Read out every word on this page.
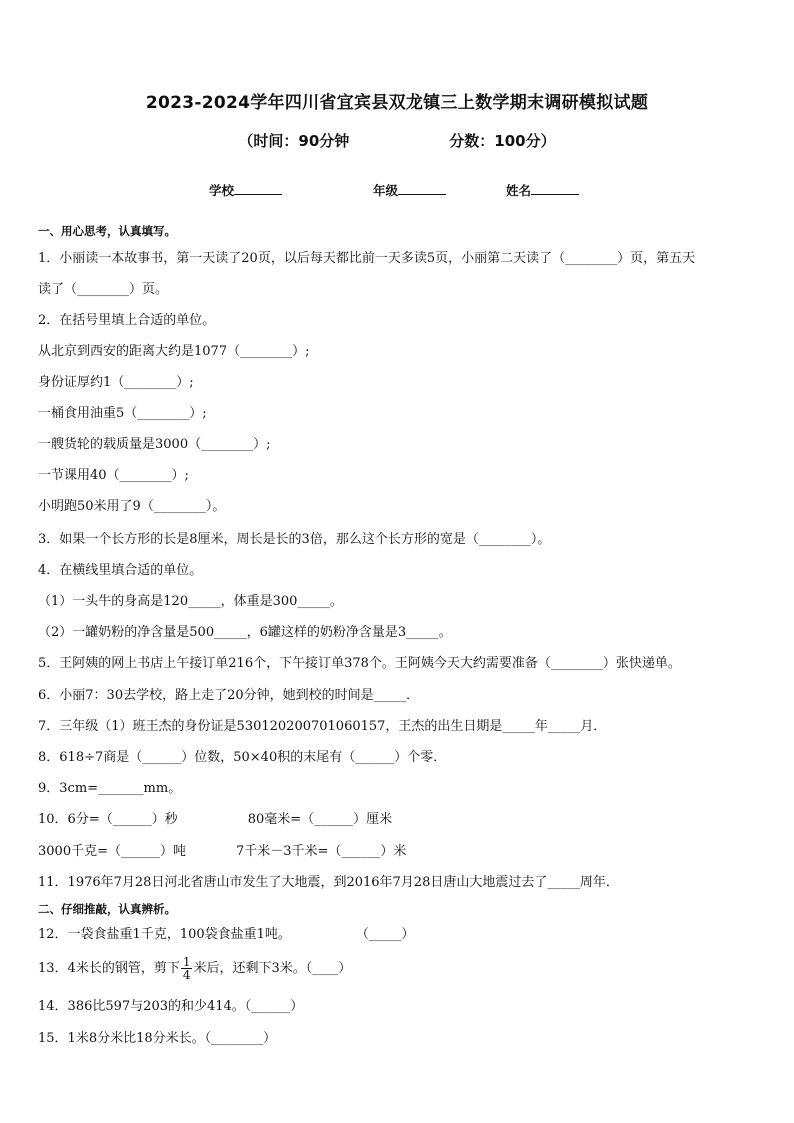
2023-2024学年四川省宜宾县双龙镇三上数学期末调研模拟试题
（时间：90分钟	分数：100分）
学校	年级	姓名
一、用心思考，认真填写。
1．小丽读一本故事书，第一天读了20页，以后每天都比前一天多读5页，小丽第二天读了（________）页，第五天
读了（________）页。
2．在括号里填上合适的单位。
从北京到西安的距离大约是1077（________）;
身份证厚约1（________）;
一桶食用油重5（________）;
一艘货轮的载质量是3000（________）;
一节课用40（________）;
小明跑50米用了9（________）。
3．如果一个长方形的长是8厘米，周长是长的3倍，那么这个长方形的宽是（________）。
4．在横线里填合适的单位。
（1）一头牛的身高是120_____，体重是300_____。
（2）一罐奶粉的净含量是500_____，6罐这样的奶粉净含量是3_____。
5．王阿姨的网上书店上午接订单216个，下午接订单378个。王阿姨今天大约需要准备（________）张快递单。
6．小丽7：30去学校，路上走了20分钟，她到校的时间是_____．
7．三年级（1）班王杰的身份证是530120200701060157，王杰的出生日期是_____年_____月．
8．618÷7商是（______）位数，50×40积的末尾有（______）个零．
9．3cm=_______mm。
10．6分=（______）秒	80毫米=（______）厘米
3000千克=（______）吨	7千米－3千米=（______）米
11．1976年7月28日河北省唐山市发生了大地震，到2016年7月28日唐山大地震过去了_____周年．
二、仔细推敲，认真辨析。
12．一袋食盐重1千克，100袋食盐重1吨。	（_____）
13．4米长的钢管，剪下 $\frac{1}{4}$ 米后，还剩下3米。（____）
14．386比597与203的和少414。（______）
15．1米8分米比18分米长。（________）
